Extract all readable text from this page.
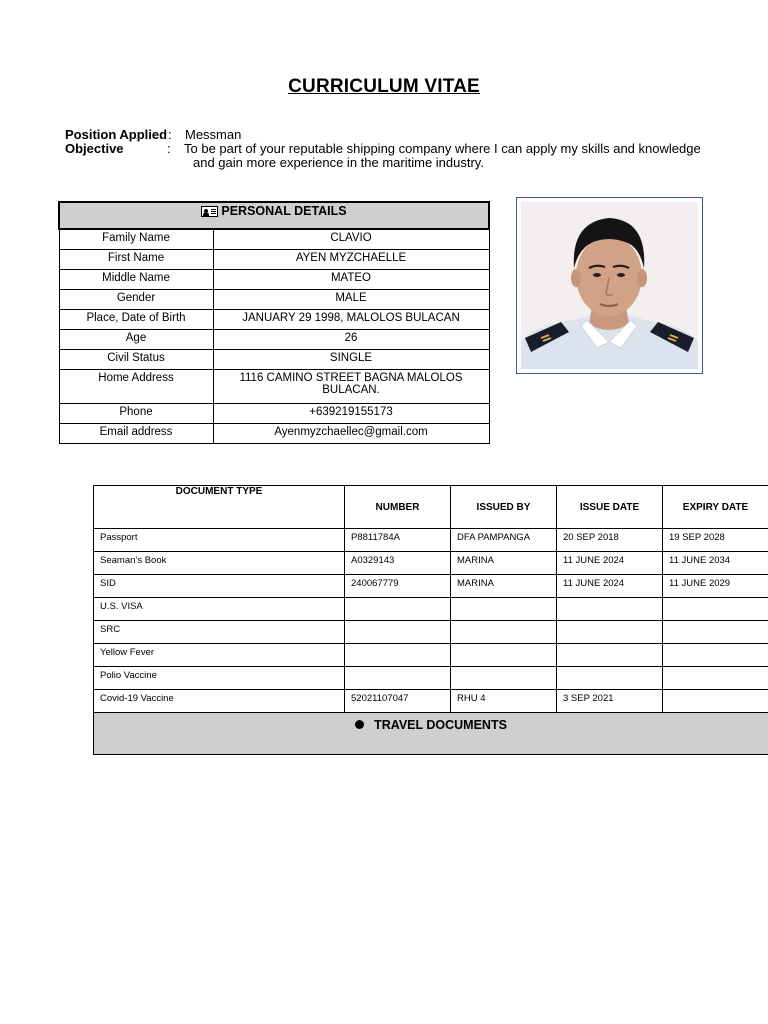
CURRICULUM VITAE
Position Applied : Messman
Objective	: To be part of your reputable shipping company where I can apply my skills and knowledge
and gain more experience in the maritime industry.
PERSONAL DETAILS	

Family Name	CLAVIO
First Name	AYEN MYZCHAELLE
Middle Name	MATEO
Gender	MALE
Place, Date of Birth	JANUARY 29 1998, MALOLOS BULACAN
Age	26
Civil Status	SINGLE
Home Address	1116 CAMINO STREET BAGNA MALOLOS
BULACAN.

Phone	+639219155173
Email address	Ayenmyzchaellec@gmail.com
DOCUMENT TYPE	NUMBER	ISSUED BY	ISSUE DATE	EXPIRY DATE
Passport	P8811784A	DFA PAMPANGA	20 SEP 2018	19 SEP 2028
Seaman’s Book	A0329143	MARINA	11 JUNE 2024	11 JUNE 2034
SID	240067779	MARINA	11 JUNE 2024	11 JUNE 2029
U.S. VISA				
SRC				
Yellow Fever				
Polio Vaccine				
Covid-19 Vaccine	52021107047	RHU 4	3 SEP 2021	
TRAVEL DOCUMENTS				
